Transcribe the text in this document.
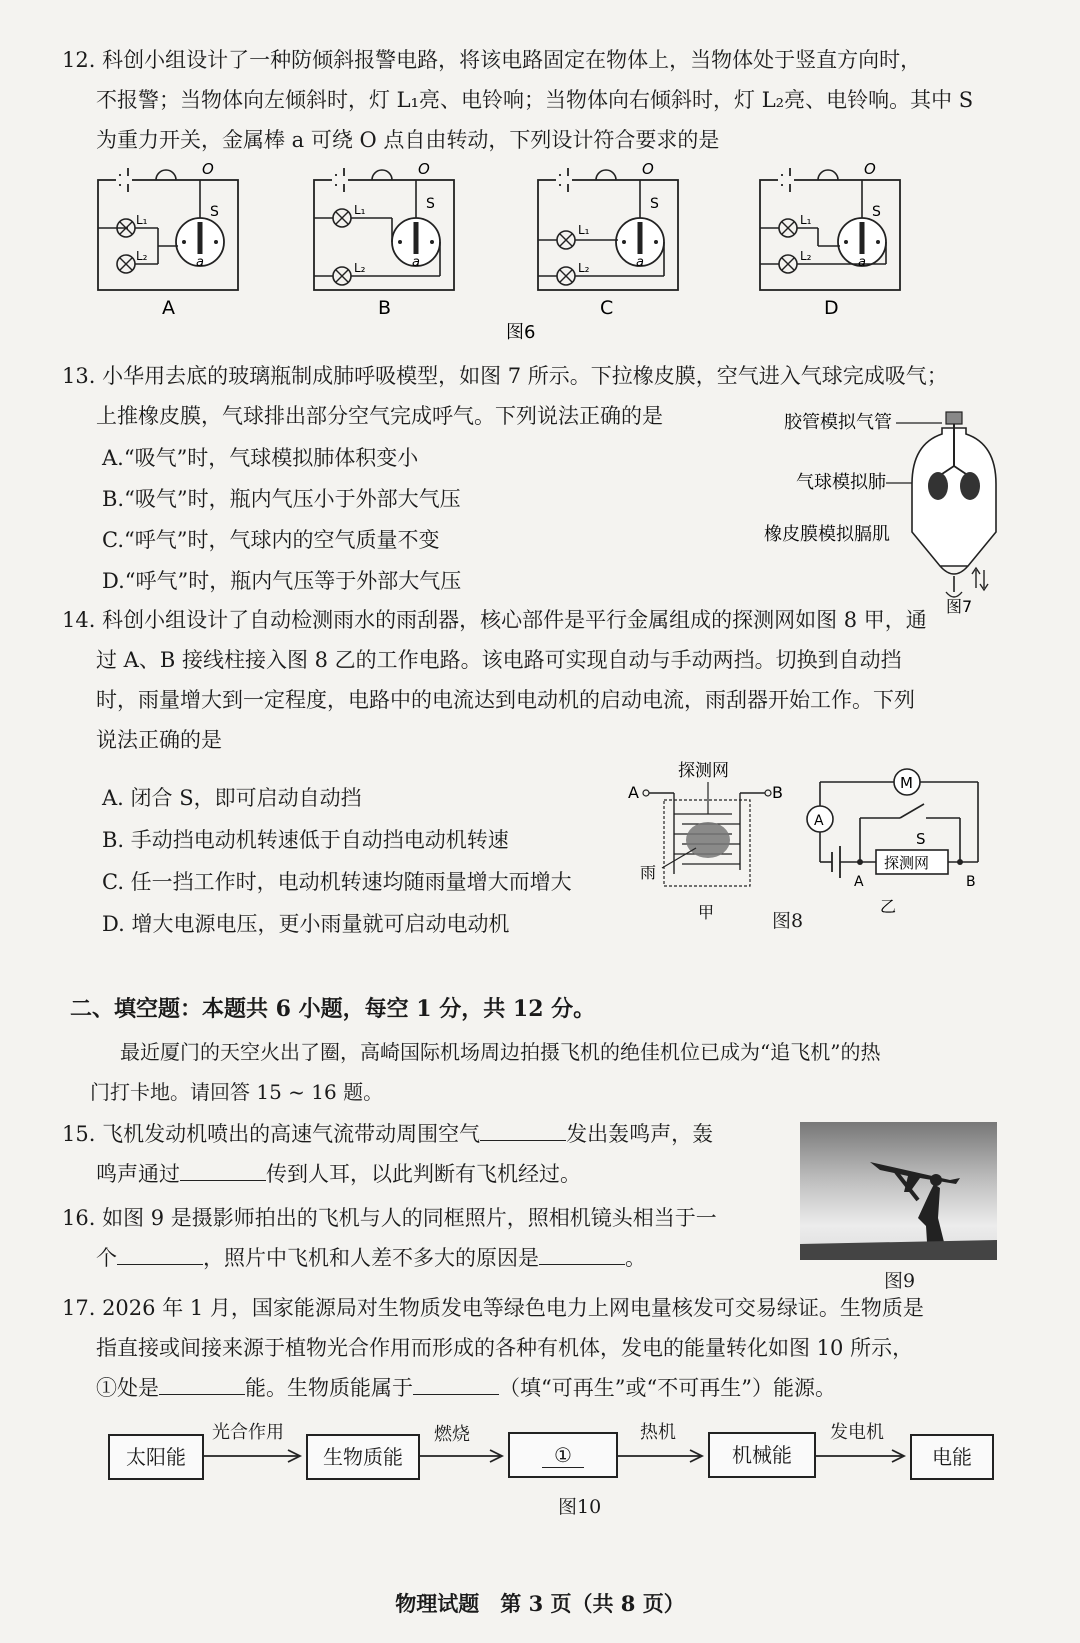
12. 科创小组设计了一种防倾斜报警电路，将该电路固定在物体上，当物体处于竖直方向时，
不报警；当物体向左倾斜时，灯 L₁亮、电铃响；当物体向右倾斜时，灯 L₂亮、电铃响。其中 S
为重力开关，金属棒 a 可绕 O 点自由转动，下列设计符合要求的是
O
S
a
L₁
L₂
A
O
S
a
L₁
L₂
B
O
S
a
L₁
L₂
C
O
S
a
L₁
L₂
D
图6
13. 小华用去底的玻璃瓶制成肺呼吸模型，如图 7 所示。下拉橡皮膜，空气进入气球完成吸气；
上推橡皮膜，气球排出部分空气完成呼气。下列说法正确的是
A.“吸气”时，气球模拟肺体积变小
B.“吸气”时，瓶内气压小于外部大气压
C.“呼气”时，气球内的空气质量不变
D.“呼气”时，瓶内气压等于外部大气压
胶管模拟气管
气球模拟肺
橡皮膜模拟膈肌
图7
14. 科创小组设计了自动检测雨水的雨刮器，核心部件是平行金属组成的探测网如图 8 甲，通
过 A、B 接线柱接入图 8 乙的工作电路。该电路可实现自动与手动两挡。切换到自动挡
时，雨量增大到一定程度，电路中的电流达到电动机的启动电流，雨刮器开始工作。下列
说法正确的是
A. 闭合 S，即可启动自动挡
B. 手动挡电动机转速低于自动挡电动机转速
C. 任一挡工作时，电动机转速均随雨量增大而增大
D. 增大电源电压，更小雨量就可启动电动机
探测网
A	B
雨
甲
M
A
S
探测网
A	B
乙
图8
二、填空题：本题共 6 小题，每空 1 分，共 12 分。
最近厦门的天空火出了圈，高崎国际机场周边拍摄飞机的绝佳机位已成为“追飞机”的热
门打卡地。请回答 15 ~ 16 题。
15. 飞机发动机喷出的高速气流带动周围空气	发出轰鸣声，轰
鸣声通过	传到人耳，以此判断有飞机经过。
16. 如图 9 是摄影师拍出的飞机与人的同框照片，照相机镜头相当于一
个	，照片中飞机和人差不多大的原因是	。
图9
17. 2026 年 1 月，国家能源局对生物质发电等绿色电力上网电量核发可交易绿证。生物质是
指直接或间接来源于植物光合作用而形成的各种有机体，发电的能量转化如图 10 所示，
①处是	能。生物质能属于	（填“可再生”或“不可再生”）能源。
太阳能	生物质能	①	机械能	电能
光合作用	燃烧	热机	发电机
图10
物理试题　第 3 页（共 8 页）
